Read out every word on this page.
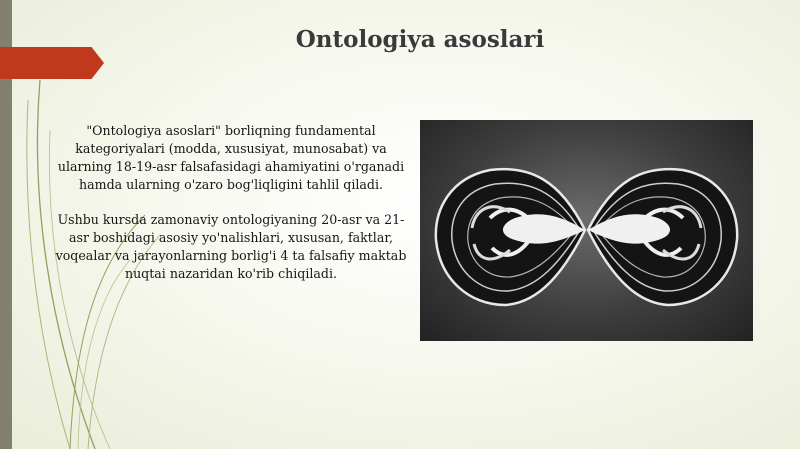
Ontologiya asoslari

"Ontologiya asoslari" borliqning fundamental kategoriyalari (modda, xususiyat, munosabat) va ularning 18-19-asr falsafasidagi ahamiyatini o'rganadi hamda ularning o'zaro bog'liqligini tahlil qiladi.

Ushbu kursda zamonaviy ontologiyaning 20-asr va 21-asr boshidagi asosiy yo'nalishlari, xususan, faktlar, voqealar va jarayonlarning borlig'i 4 ta falsafiy maktab nuqtai nazaridan ko'rib chiqiladi.
